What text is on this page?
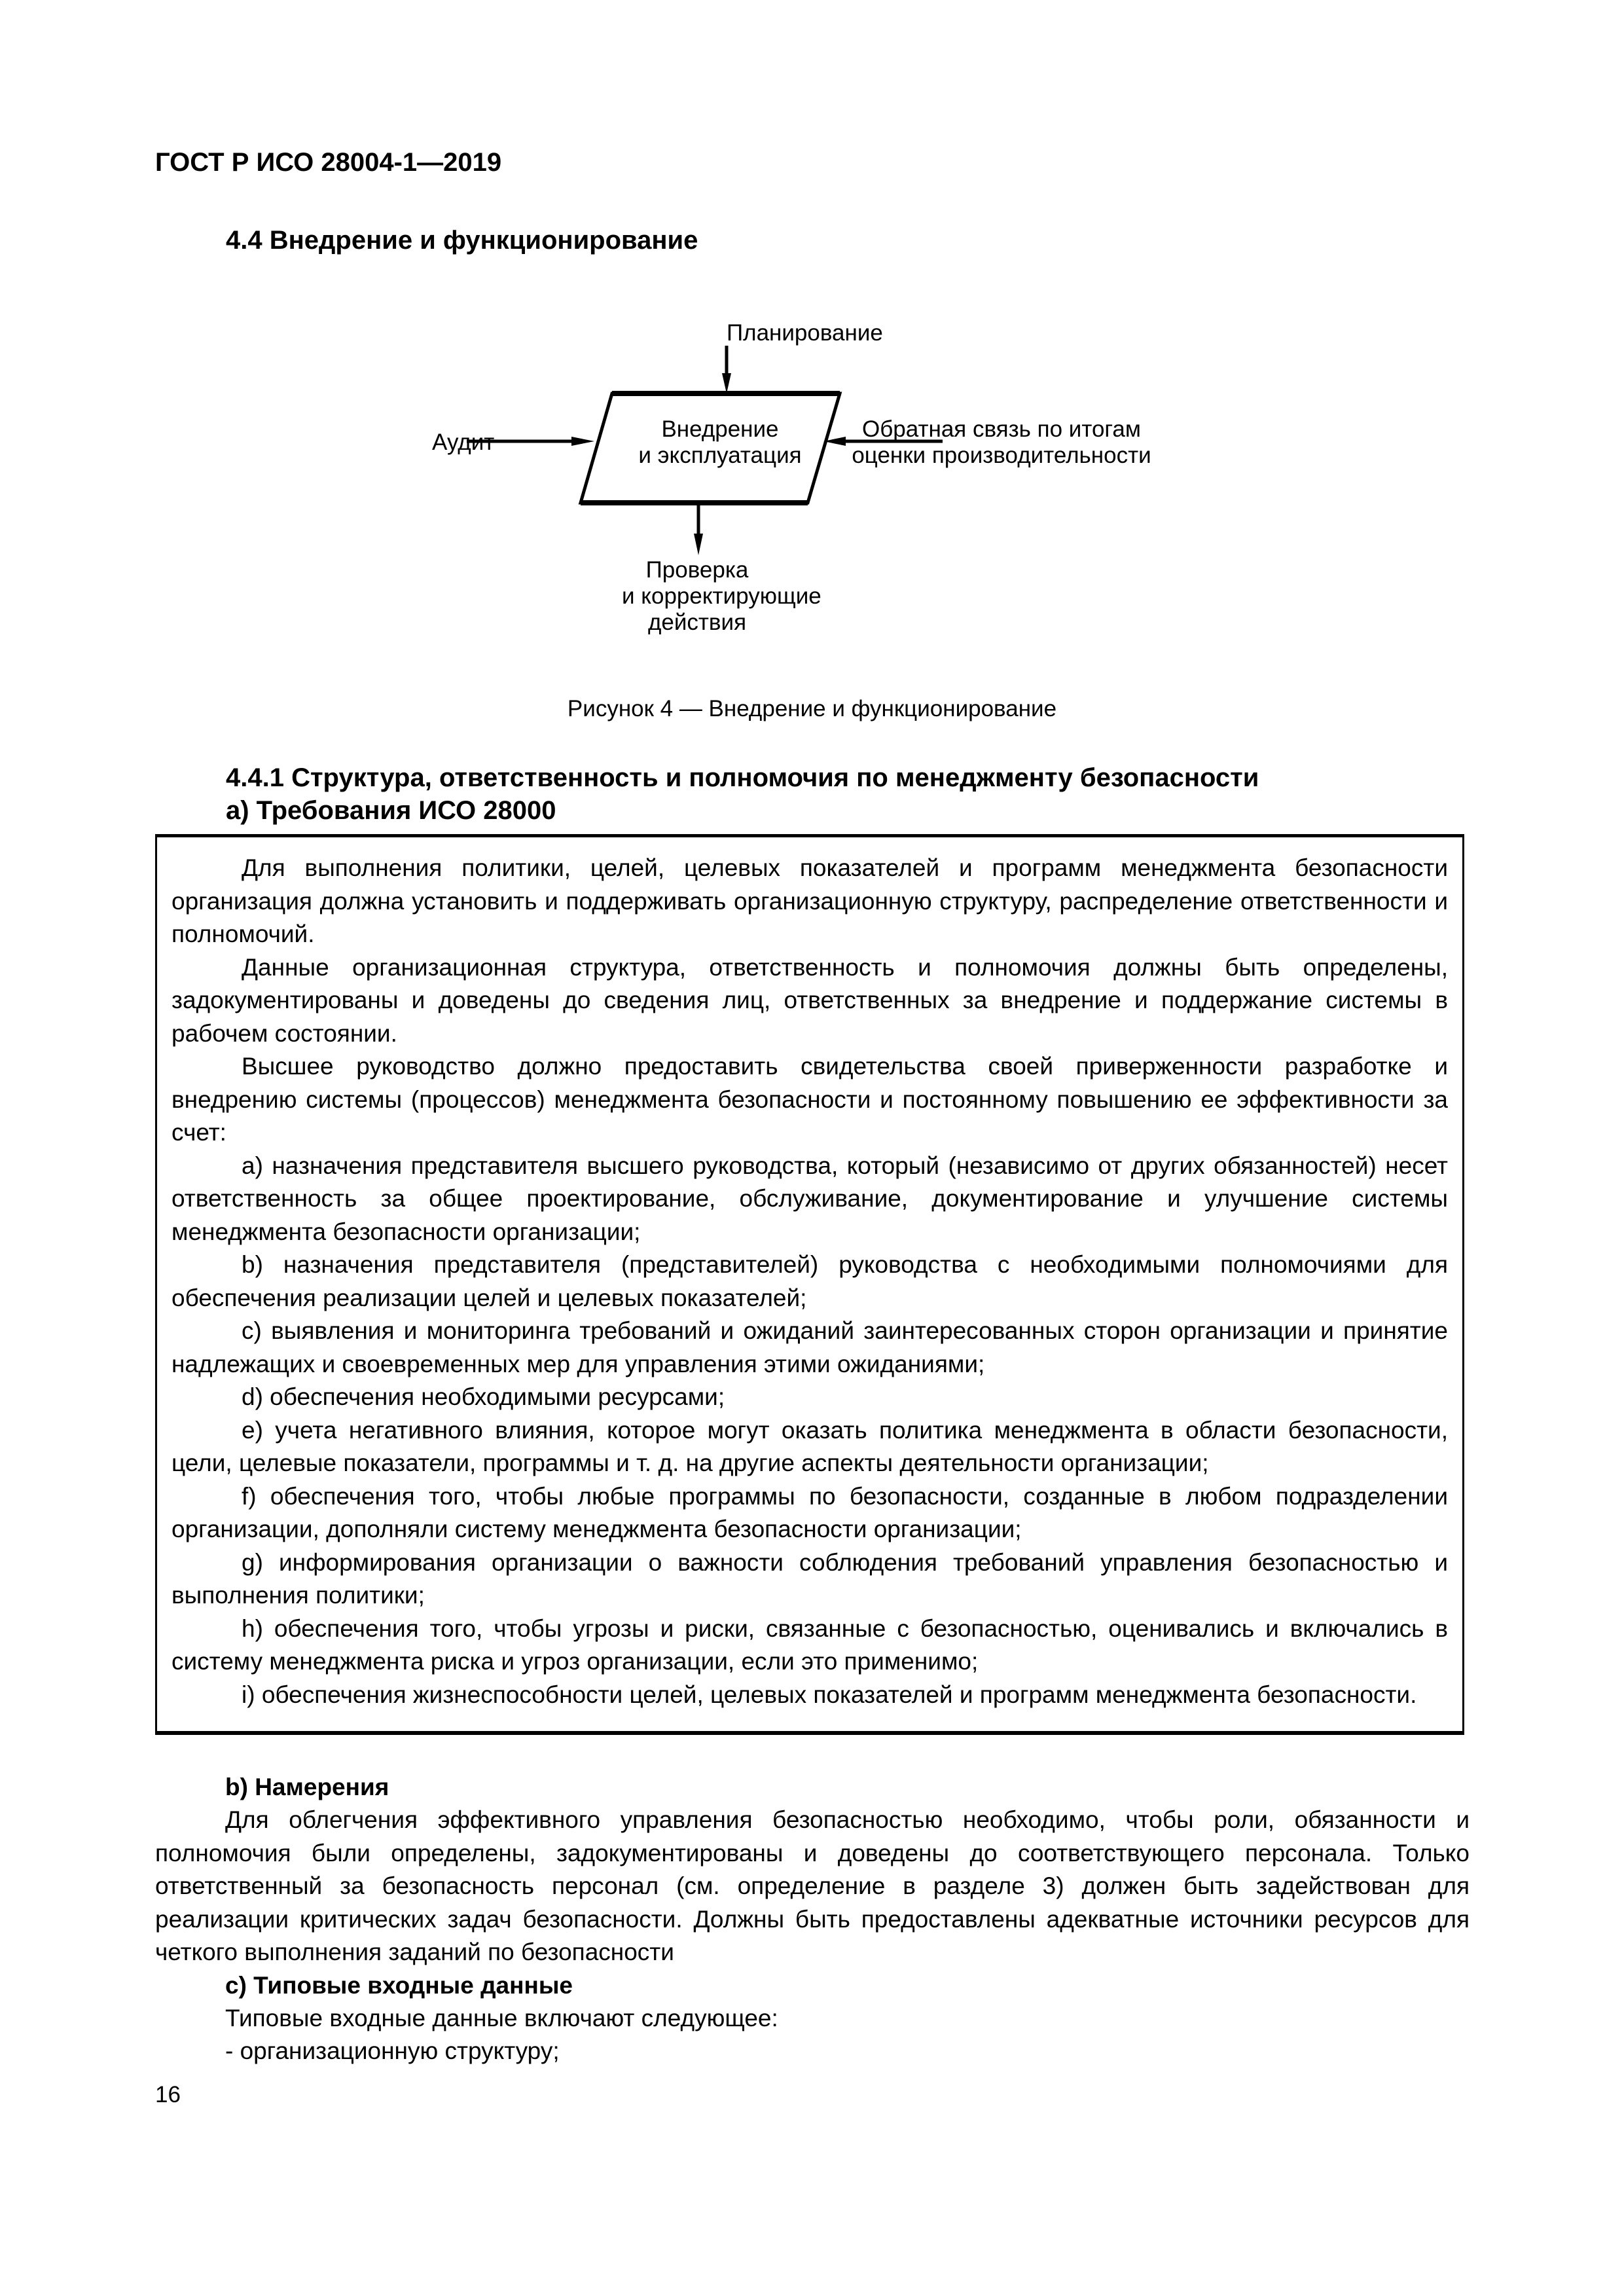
ГОСТ Р ИСО 28004-1—2019
4.4 Внедрение и функционирование
Планирование
Аудит
Внедрение
и эксплуатация
Обратная связь по итогам
оценки производительности
Проверка
и корректирующие
действия
Рисунок 4 — Внедрение и функционирование
4.4.1 Структура, ответственность и полномочия по менеджменту безопасности
a) Требования ИСО 28000

Для выполнения политики, целей, целевых показателей и программ менеджмента безопасности организация должна установить и поддерживать организационную структуру, распределение ответственности и полномочий.

Данные организационная структура, ответственность и полномочия должны быть определены, задокументированы и доведены до сведения лиц, ответственных за внедрение и поддержание системы в рабочем состоянии.

Высшее руководство должно предоставить свидетельства своей приверженности разработке и внедрению системы (процессов) менеджмента безопасности и постоянному повышению ее эффективности за счет:

a) назначения представителя высшего руководства, который (независимо от других обязанностей) несет ответственность за общее проектирование, обслуживание, документирование и улучшение системы менеджмента безопасности организации;

b) назначения представителя (представителей) руководства с необходимыми полномочиями для обеспечения реализации целей и целевых показателей;

c) выявления и мониторинга требований и ожиданий заинтересованных сторон организации и принятие надлежащих и своевременных мер для управления этими ожиданиями;

d) обеспечения необходимыми ресурсами;

e) учета негативного влияния, которое могут оказать политика менеджмента в области безопасности, цели, целевые показатели, программы и т. д. на другие аспекты деятельности организации;

f) обеспечения того, чтобы любые программы по безопасности, созданные в любом подразделении организации, дополняли систему менеджмента безопасности организации;

g) информирования организации о важности соблюдения требований управления безопасностью и выполнения политики;

h) обеспечения того, чтобы угрозы и риски, связанные с безопасностью, оценивались и включались в систему менеджмента риска и угроз организации, если это применимо;

i) обеспечения жизнеспособности целей, целевых показателей и программ менеджмента безопасности.

b) Намерения

Для облегчения эффективного управления безопасностью необходимо, чтобы роли, обязанности и полномочия были определены, задокументированы и доведены до соответствующего персонала. Только ответственный за безопасность персонал (см. определение в разделе 3) должен быть задействован для реализации критических задач безопасности. Должны быть предоставлены адекватные источники ресурсов для четкого выполнения заданий по безопасности

c) Типовые входные данные
Типовые входные данные включают следующее:
- организационную структуру;
16
